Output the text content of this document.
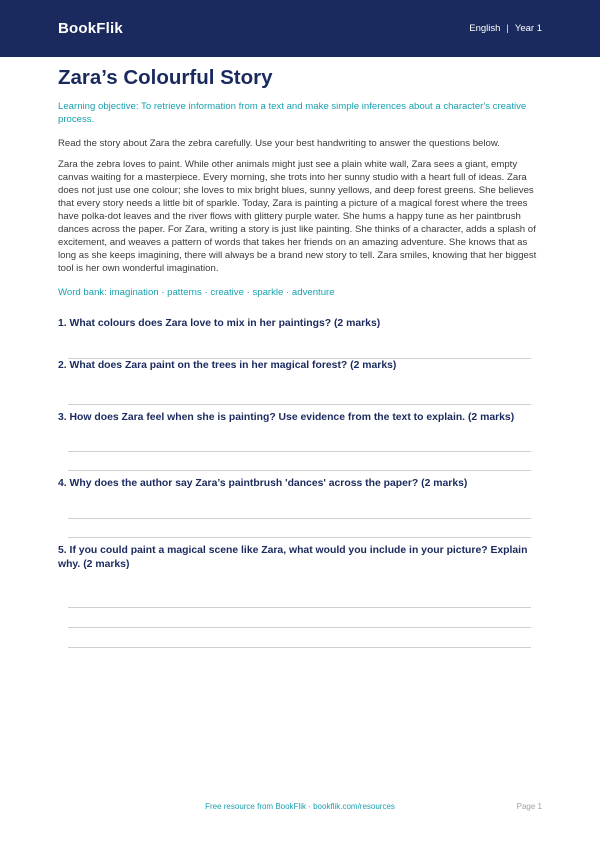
BookFlik	English | Year 1
Zara’s Colourful Story

Learning objective: To retrieve information from a text and make simple inferences about a character's creative process.

Read the story about Zara the zebra carefully. Use your best handwriting to answer the questions below.

Zara the zebra loves to paint. While other animals might just see a plain white wall, Zara sees a giant, empty canvas waiting for a masterpiece. Every morning, she trots into her sunny studio with a heart full of ideas. Zara does not just use one colour; she loves to mix bright blues, sunny yellows, and deep forest greens. She believes that every story needs a little bit of sparkle. Today, Zara is painting a picture of a magical forest where the trees have polka-dot leaves and the river flows with glittery purple water. She hums a happy tune as her paintbrush dances across the paper. For Zara, writing a story is just like painting. She thinks of a character, adds a splash of excitement, and weaves a pattern of words that takes her friends on an amazing adventure. She knows that as long as she keeps imagining, there will always be a brand new story to tell. Zara smiles, knowing that her biggest tool is her own wonderful imagination.

Word bank: imagination · patterns · creative · sparkle · adventure

1. What colours does Zara love to mix in her paintings? (2 marks)

2. What does Zara paint on the trees in her magical forest? (2 marks)

3. How does Zara feel when she is painting? Use evidence from the text to explain. (2 marks)

4. Why does the author say Zara’s paintbrush 'dances' across the paper? (2 marks)

5. If you could paint a magical scene like Zara, what would you include in your picture? Explain why. (2 marks)

Free resource from BookFlik · bookflik.com/resources	Page 1
